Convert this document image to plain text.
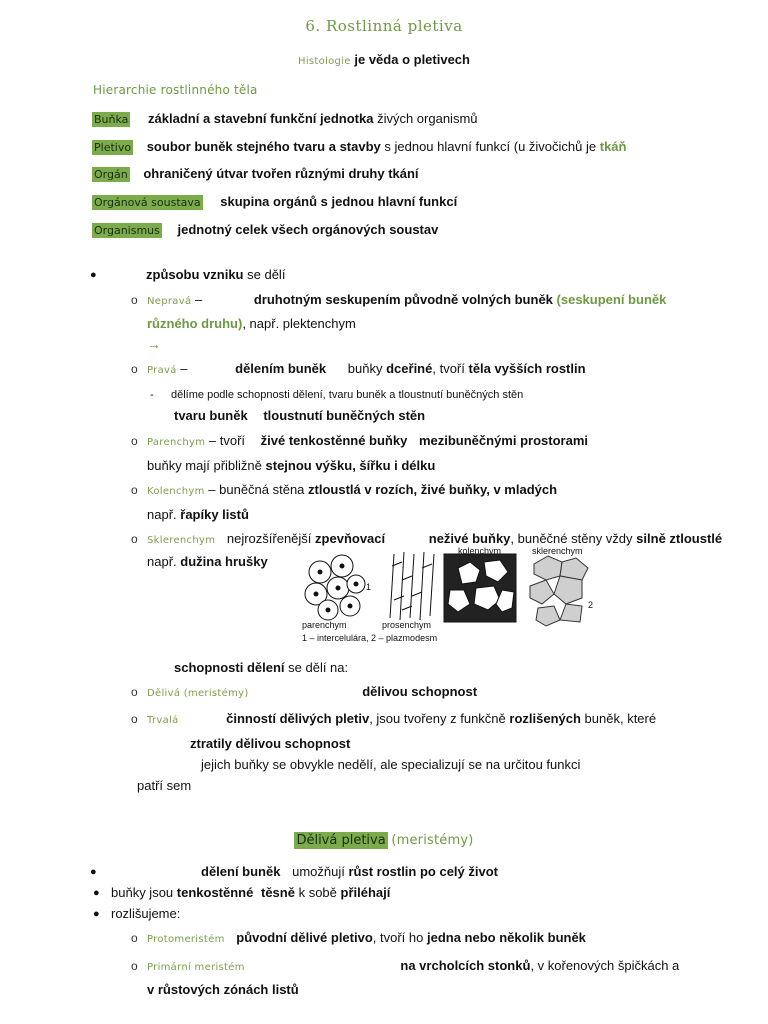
6. Rostlinná pletiva
Histologie je věda o pletivech
Hierarchie rostlinného těla
Buňka základní a stavební funkční jednotka živých organismů
Pletivo soubor buněk stejného tvaru a stavby s jednou hlavní funkcí (u živočichů je tkáň
Orgán ohraničený útvar tvořen různými druhy tkání
Orgánová soustava skupina orgánů s jednou hlavní funkcí
Organismus jednotný celek všech orgánových soustav
●	způsobu vzniku se dělí
o Nepravá –	druhotným seskupením původně volných buněk (seskupení buněk
různého druhu), např. plektenchym
→
o Pravá –	dělením buněk buňky dceřiné, tvoří těla vyšších rostlin
- dělíme podle schopnosti dělení, tvaru buněk a tloustnutí buněčných stěn
tvaru buněk tloustnutí buněčných stěn
o Parenchym – tvoří živé tenkostěnné buňky mezibuněčnými prostorami
buňky mají přibližně stejnou výšku, šířku i délku
o Kolenchym – buněčná stěna ztloustlá v rozích, živé buňky, v mladých
např. řapíky listů
o Sklerenchym nejrozšířenější zpevňovací	neživé buňky, buněčné stěny vždy silně ztloustlé
např. dužina hrušky
1
2
kolenchym	sklerenchym
parenchym	prosenchym
1 – intercelulára, 2 – plazmodesm
schopnosti dělení se dělí na:
o Dělivá (meristémy)	dělivou schopnost
o Trvalá	činností dělivých pletiv, jsou tvořeny z funkčně rozlišených buněk, které
ztratily dělivou schopnost
jejich buňky se obvykle nedělí, ale specializují se na určitou funkci
patří sem
Dělivá pletiva (meristémy)
●	dělení buněk umožňují růst rostlin po celý život
● buňky jsou tenkostěnné těsně k sobě přiléhají
● rozlišujeme:
o Protomeristém původní dělivé pletivo, tvoří ho jedna nebo několik buněk
o Primární meristém	na vrcholcích stonků, v kořenových špičkách a
v růstových zónách listů
